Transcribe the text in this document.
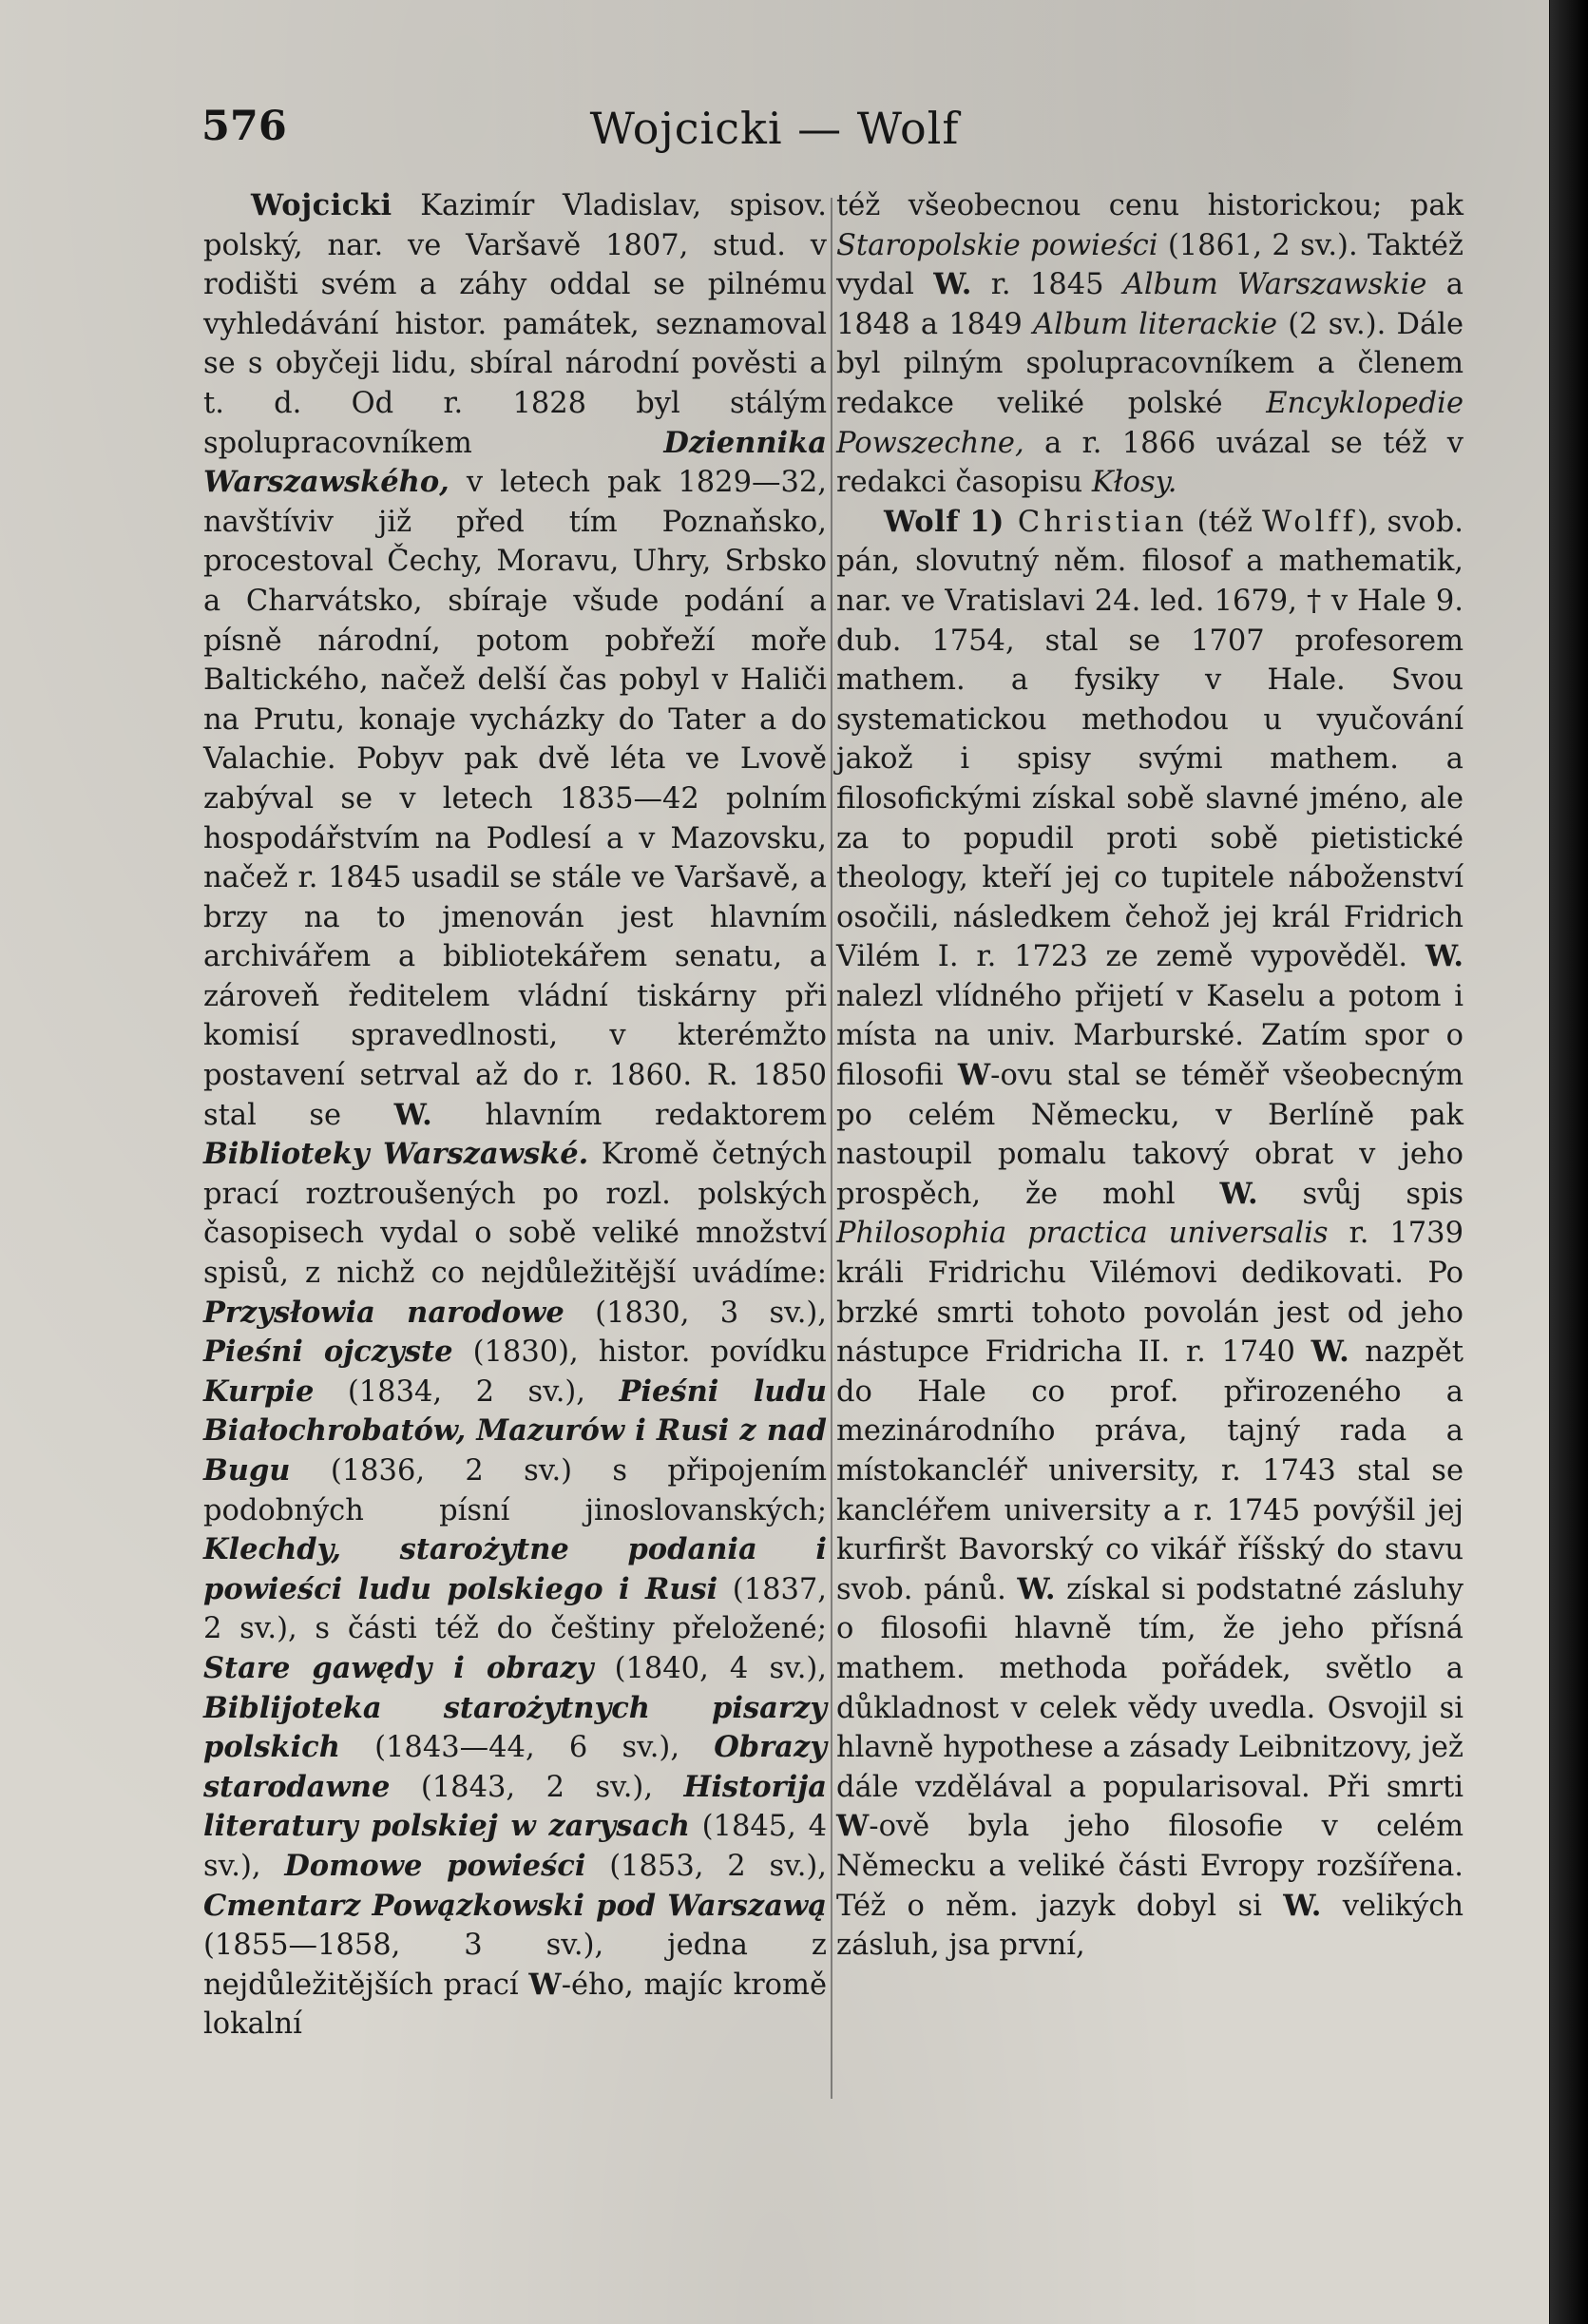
576	Wojcicki — Wolf

Wojcicki Kazimír Vladislav, spisov. polský, nar. ve Varšavě 1807, stud. v rodišti svém a záhy oddal se pilnému vyhledávání histor. památek, seznamoval se s obyčeji lidu, sbíral národní pověsti a t. d. Od r. 1828 byl stálým spolupracovníkem Dziennika Warszawského, v letech pak 1829—32, navštíviv již před tím Poznaňsko, procestoval Čechy, Moravu, Uhry, Srbsko a Charvátsko, sbíraje všude podání a písně národní, potom pobřeží moře Baltického, načež delší čas pobyl v Haliči na Prutu, konaje vycházky do Tater a do Valachie. Pobyv pak dvě léta ve Lvově zabýval se v letech 1835—42 polním hospodářstvím na Podlesí a v Mazovsku, načež r. 1845 usadil se stále ve Varšavě, a brzy na to jmenován jest hlavním archivářem a bibliotekářem senatu, a zároveň ředitelem vládní tiskárny při komisí spravedlnosti, v kterémžto postavení setrval až do r. 1860. R. 1850 stal se W. hlavním redaktorem Biblioteky Warszawské. Kromě četných prací roztroušených po rozl. polských časopisech vydal o sobě veliké množství spisů, z nichž co nejdůležitější uvádíme: Przysłowia narodowe (1830, 3 sv.), Pieśni ojczyste (1830), histor. povídku Kurpie (1834, 2 sv.), Pieśni ludu Białochrobatów, Mazurów i Rusi z nad Bugu (1836, 2 sv.) s připojením podobných písní jinoslovanských; Klechdy, starożytne podania i powieści ludu polskiego i Rusi (1837, 2 sv.), s části též do češtiny přeložené; Stare gawędy i obrazy (1840, 4 sv.), Biblijoteka starożytnych pisarzy polskich (1843—44, 6 sv.), Obrazy starodawne (1843, 2 sv.), Historija literatury polskiej w zarysach (1845, 4 sv.), Domowe powieści (1853, 2 sv.), Cmentarz Powązkowski pod Warszawą (1855—1858, 3 sv.), jedna z nejdůležitějších prací W-ého, majíc kromě lokalní

též všeobecnou cenu historickou; pak Staropolskie powieści (1861, 2 sv.). Taktéž vydal W. r. 1845 Album Warszawskie a 1848 a 1849 Album literackie (2 sv.). Dále byl pilným spolupracovníkem a členem redakce veliké polské Encyklopedie Powszechne, a r. 1866 uvázal se též v redakci časopisu Kłosy.

Wolf 1) Christian (též Wolff), svob. pán, slovutný něm. filosof a mathematik, nar. ve Vratislavi 24. led. 1679, † v Hale 9. dub. 1754, stal se 1707 profesorem mathem. a fysiky v Hale. Svou systematickou methodou u vyučování jakož i spisy svými mathem. a filosofickými získal sobě slavné jméno, ale za to popudil proti sobě pietistické theology, kteří jej co tupitele náboženství osočili, následkem čehož jej král Fridrich Vilém I. r. 1723 ze země vypověděl. W. nalezl vlídného přijetí v Kaselu a potom i místa na univ. Marburské. Zatím spor o filosofii W-ovu stal se téměř všeobecným po celém Německu, v Berlíně pak nastoupil pomalu takový obrat v jeho prospěch, že mohl W. svůj spis Philosophia practica universalis r. 1739 králi Fridrichu Vilémovi dedikovati. Po brzké smrti tohoto povolán jest od jeho nástupce Fridricha II. r. 1740 W. nazpět do Hale co prof. přirozeného a mezinárodního práva, tajný rada a místokancléř university, r. 1743 stal se kancléřem university a r. 1745 povýšil jej kurfiršt Bavorský co vikář říšský do stavu svob. pánů. W. získal si podstatné zásluhy o filosofii hlavně tím, že jeho přísná mathem. methoda pořádek, světlo a důkladnost v celek vědy uvedla. Osvojil si hlavně hypothese a zásady Leibnitzovy, jež dále vzdělával a popularisoval. Při smrti W-ově byla jeho filosofie v celém Německu a veliké části Evropy rozšířena. Též o něm. jazyk dobyl si W. velikých zásluh, jsa první,
